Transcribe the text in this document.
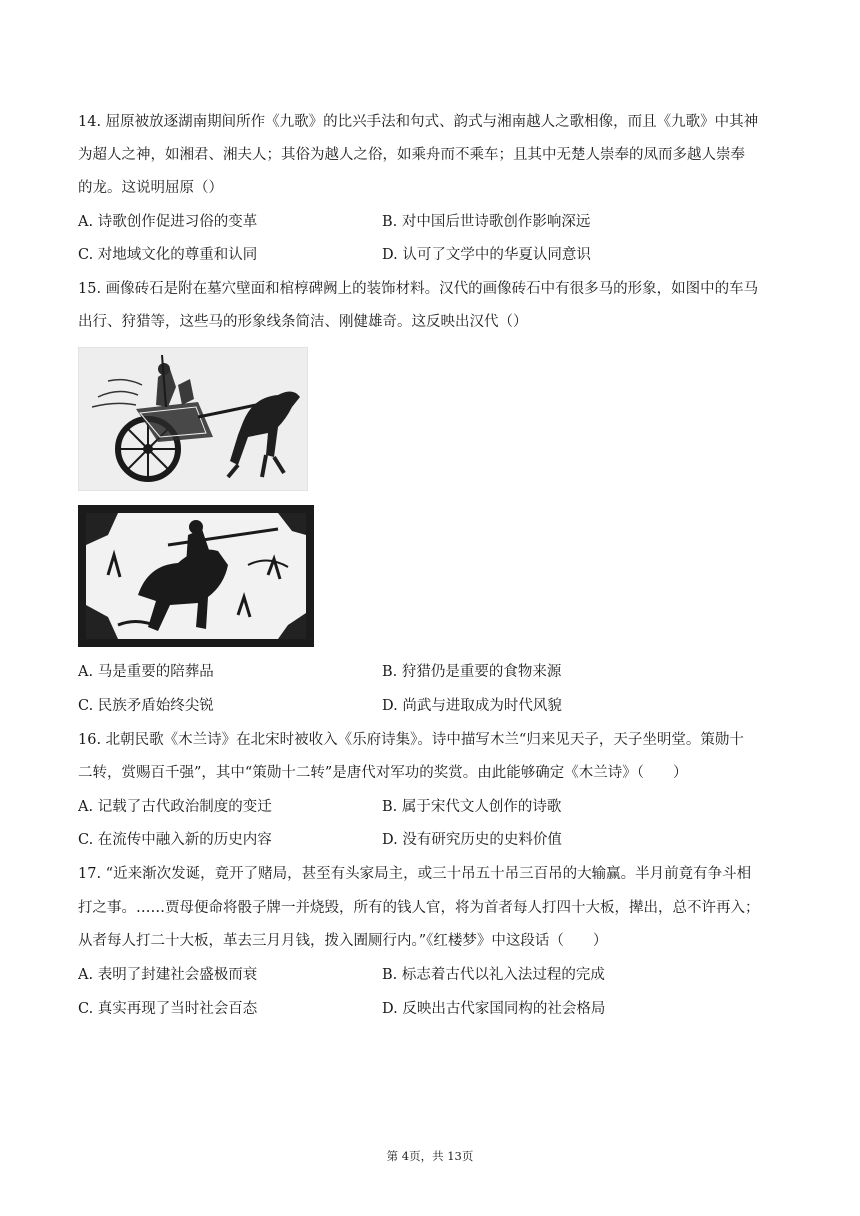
14. 屈原被放逐湖南期间所作《九歌》的比兴手法和句式、韵式与湘南越人之歌相像，而且《九歌》中其神
为超人之神，如湘君、湘夫人；其俗为越人之俗，如乘舟而不乘车；且其中无楚人崇奉的凤而多越人崇奉
的龙。这说明屈原（）
A. 诗歌创作促进习俗的变革	B. 对中国后世诗歌创作影响深远
C. 对地域文化的尊重和认同	D. 认可了文学中的华夏认同意识
15. 画像砖石是附在墓穴壁面和棺椁碑阙上的装饰材料。汉代的画像砖石中有很多马的形象，如图中的车马
出行、狩猎等，这些马的形象线条简洁、刚健雄奇。这反映出汉代（）
A. 马是重要的陪葬品	B. 狩猎仍是重要的食物来源
C. 民族矛盾始终尖锐	D. 尚武与进取成为时代风貌
16. 北朝民歌《木兰诗》在北宋时被收入《乐府诗集》。诗中描写木兰“归来见天子，天子坐明堂。策勋十
二转，赏赐百千强”，其中“策勋十二转”是唐代对军功的奖赏。由此能够确定《木兰诗》（　　）
A. 记载了古代政治制度的变迁	B. 属于宋代文人创作的诗歌
C. 在流传中融入新的历史内容	D. 没有研究历史的史料价值
17. “近来渐次发诞，竟开了赌局，甚至有头家局主，或三十吊五十吊三百吊的大输赢。半月前竟有争斗相
打之事。……贾母便命将骰子牌一并烧毁，所有的钱人官，将为首者每人打四十大板，撵出，总不许再入；
从者每人打二十大板，革去三月月钱，拨入圊厕行内。”《红楼梦》中这段话（　　）
A. 表明了封建社会盛极而衰	B. 标志着古代以礼入法过程的完成
C. 真实再现了当时社会百态	D. 反映出古代家国同构的社会格局
第 4页，共 13页
